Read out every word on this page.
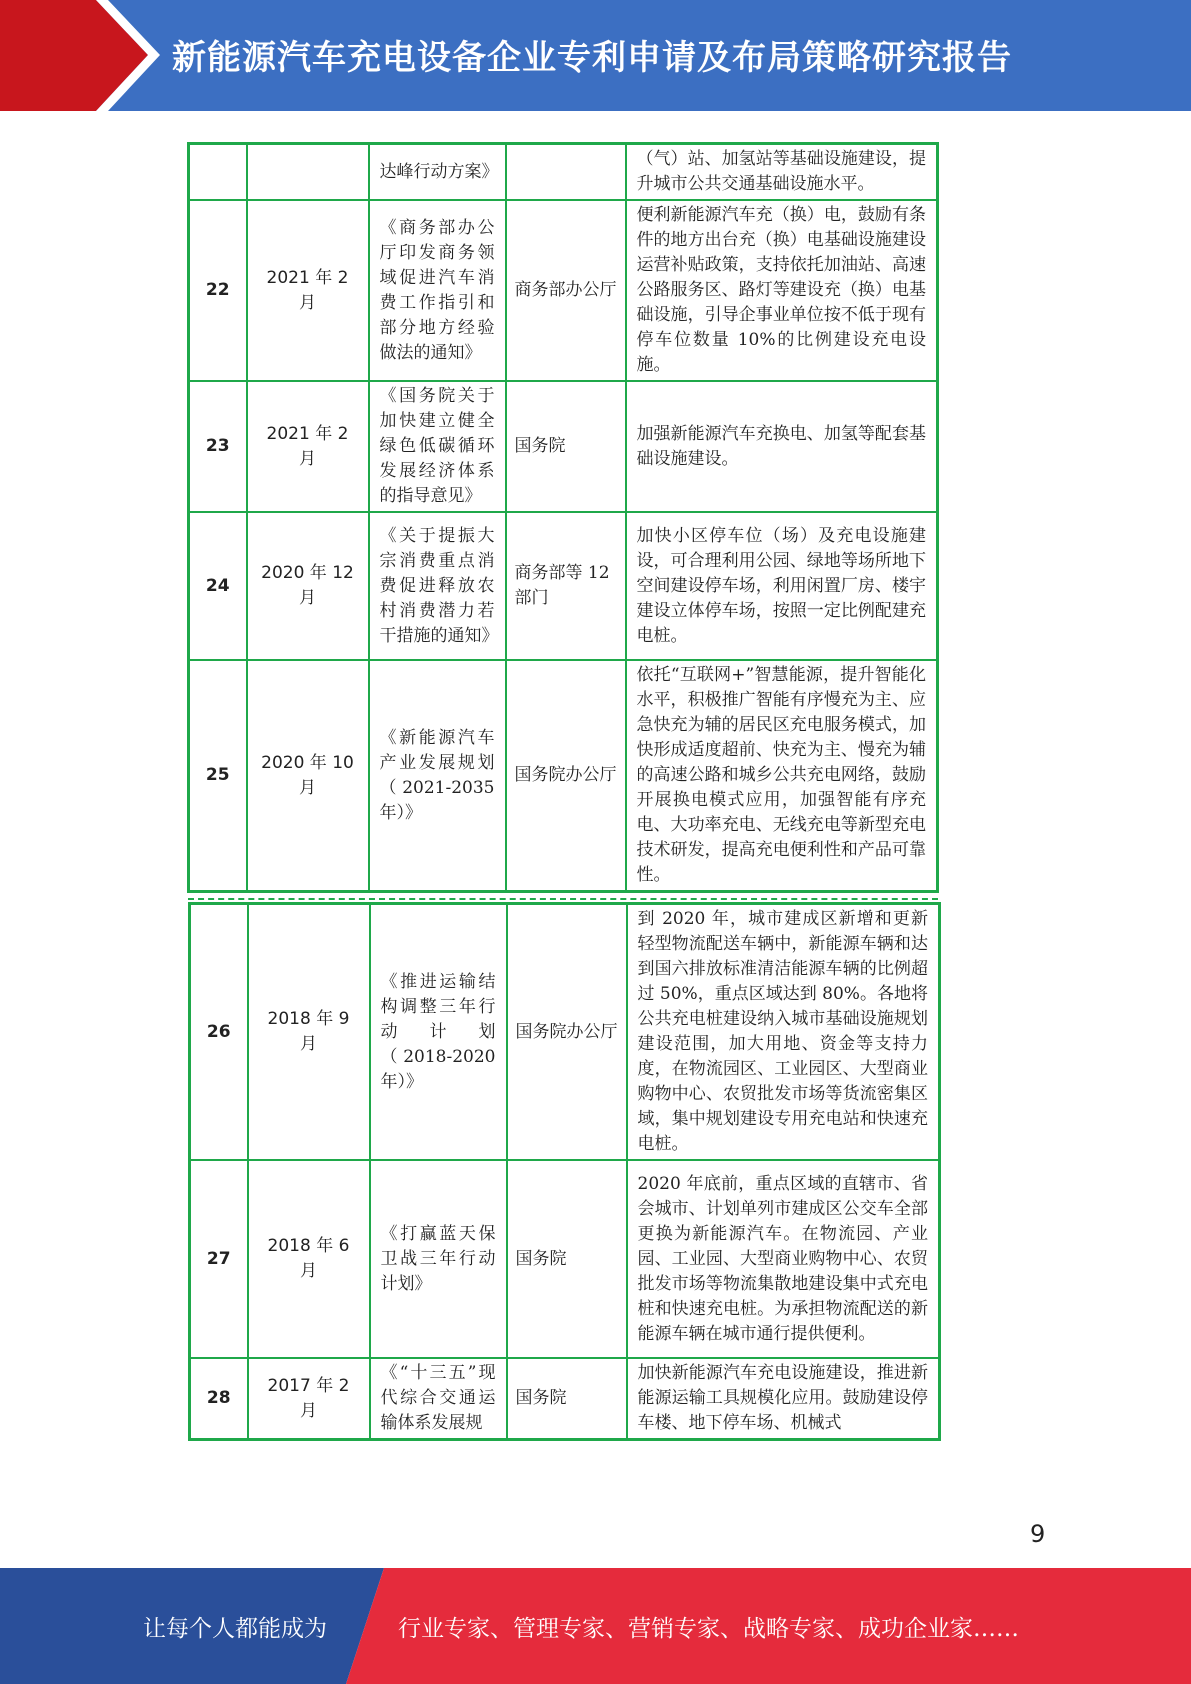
新能源汽车充电设备企业专利申请及布局策略研究报告
		达峰行动方案》		（气）站、加氢站等基础设施建设，提升城市公共交通基础设施水平。
22	2021 年 2 月	《商务部办公厅印发商务领域促进汽车消费工作指引和部分地方经验做法的通知》	商务部办公厅	便利新能源汽车充（换）电，鼓励有条件的地方出台充（换）电基础设施建设运营补贴政策，支持依托加油站、高速公路服务区、路灯等建设充（换）电基础设施，引导企事业单位按不低于现有停车位数量 10%的比例建设充电设施。
23	2021 年 2 月	《国务院关于加快建立健全绿色低碳循环发展经济体系的指导意见》	国务院	加强新能源汽车充换电、加氢等配套基础设施建设。
24	2020 年 12 月	《关于提振大宗消费重点消费促进释放农村消费潜力若干措施的通知》	商务部等 12 部门	加快小区停车位（场）及充电设施建设，可合理利用公园、绿地等场所地下空间建设停车场，利用闲置厂房、楼宇建设立体停车场，按照一定比例配建充电桩。
25	2020 年 10 月	《新能源汽车产业发展规划（2021-2035 年）》	国务院办公厅	依托“互联网+”智慧能源，提升智能化水平，积极推广智能有序慢充为主、应急快充为辅的居民区充电服务模式，加快形成适度超前、快充为主、慢充为辅的高速公路和城乡公共充电网络，鼓励开展换电模式应用，加强智能有序充电、大功率充电、无线充电等新型充电技术研发，提高充电便利性和产品可靠性。
26	2018 年 9 月	《推进运输结构调整三年行动计划（2018-2020 年）》	国务院办公厅	到 2020 年，城市建成区新增和更新轻型物流配送车辆中，新能源车辆和达到国六排放标准清洁能源车辆的比例超过 50%，重点区域达到 80%。各地将公共充电桩建设纳入城市基础设施规划建设范围，加大用地、资金等支持力度，在物流园区、工业园区、大型商业购物中心、农贸批发市场等货流密集区域，集中规划建设专用充电站和快速充电桩。
27	2018 年 6 月	《打赢蓝天保卫战三年行动计划》	国务院	2020 年底前，重点区域的直辖市、省会城市、计划单列市建成区公交车全部更换为新能源汽车。在物流园、产业园、工业园、大型商业购物中心、农贸批发市场等物流集散地建设集中式充电桩和快速充电桩。为承担物流配送的新能源车辆在城市通行提供便利。
28	2017 年 2 月	《“十三五”现代综合交通运输体系发展规	国务院	加快新能源汽车充电设施建设，推进新能源运输工具规模化应用。鼓励建设停车楼、地下停车场、机械式
9
让每个人都能成为	行业专家、管理专家、营销专家、战略专家、成功企业家……
